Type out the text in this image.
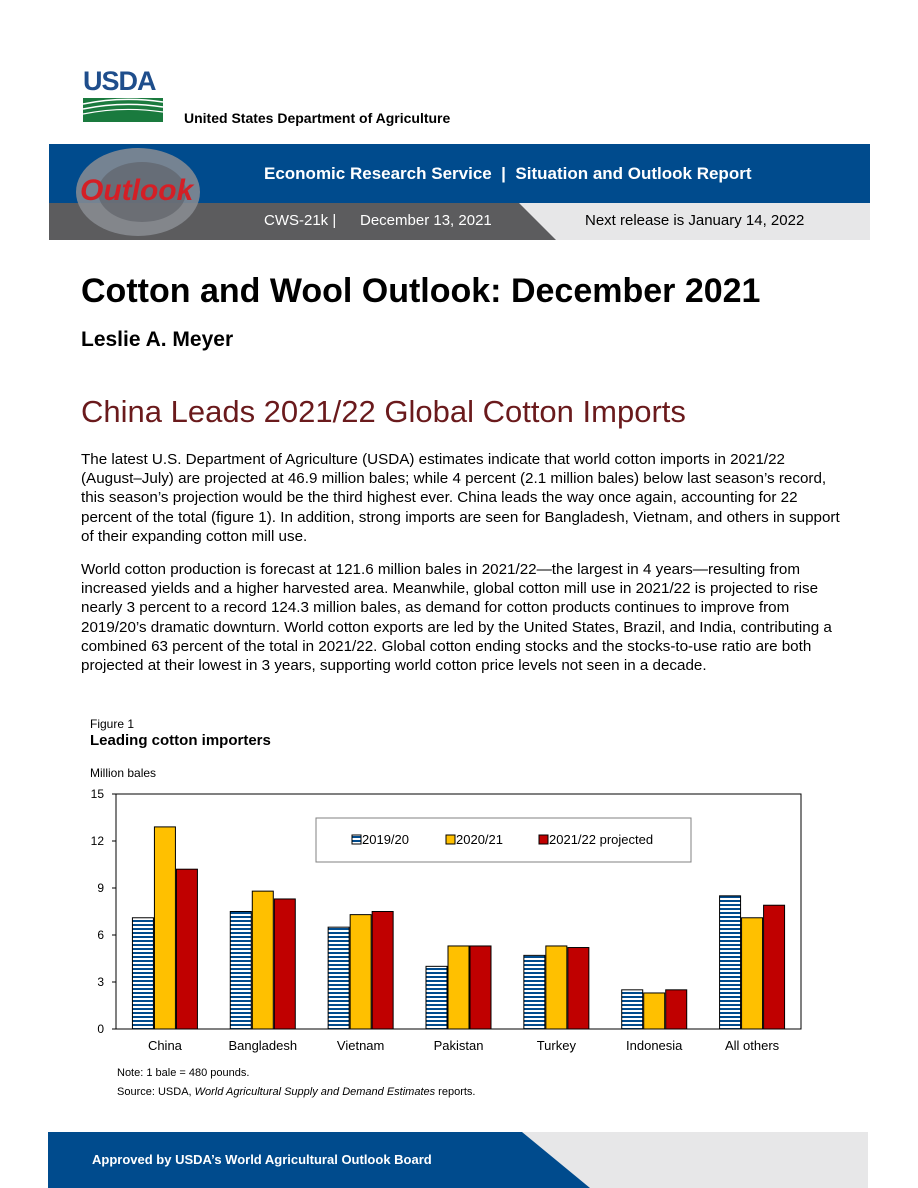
USDA
United States Department of Agriculture
Outlook
Economic Research Service  |  Situation and Outlook Report
CWS-21k | December 13, 2021	Next release is January 14, 2022
Cotton and Wool Outlook: December 2021
Leslie A. Meyer
China Leads 2021/22 Global Cotton Imports

The latest U.S. Department of Agriculture (USDA) estimates indicate that world cotton imports in 2021/22 (August–July) are projected at 46.9 million bales; while 4 percent (2.1 million bales) below last season’s record, this season’s projection would be the third highest ever. China leads the way once again, accounting for 22 percent of the total (figure 1). In addition, strong imports are seen for Bangladesh, Vietnam, and others in support of their expanding cotton mill use.

World cotton production is forecast at 121.6 million bales in 2021/22—the largest in 4 years—resulting from increased yields and a higher harvested area. Meanwhile, global cotton mill use in 2021/22 is projected to rise nearly 3 percent to a record 124.3 million bales, as demand for cotton products continues to improve from 2019/20’s dramatic downturn. World cotton exports are led by the United States, Brazil, and India, contributing a combined 63 percent of the total in 2021/22. Global cotton ending stocks and the stocks-to-use ratio are both projected at their lowest in 3 years, supporting world cotton price levels not seen in a decade.

Figure 1
Leading cotton importers
Million bales
0
3
6
9
12
15
China	Bangladesh	Vietnam	Pakistan	Turkey	Indonesia	All others
2019/20	2020/21	2021/22 projected
Note: 1 bale = 480 pounds.
Source: USDA, World Agricultural Supply and Demand Estimates reports.
Approved by USDA’s World Agricultural Outlook Board
